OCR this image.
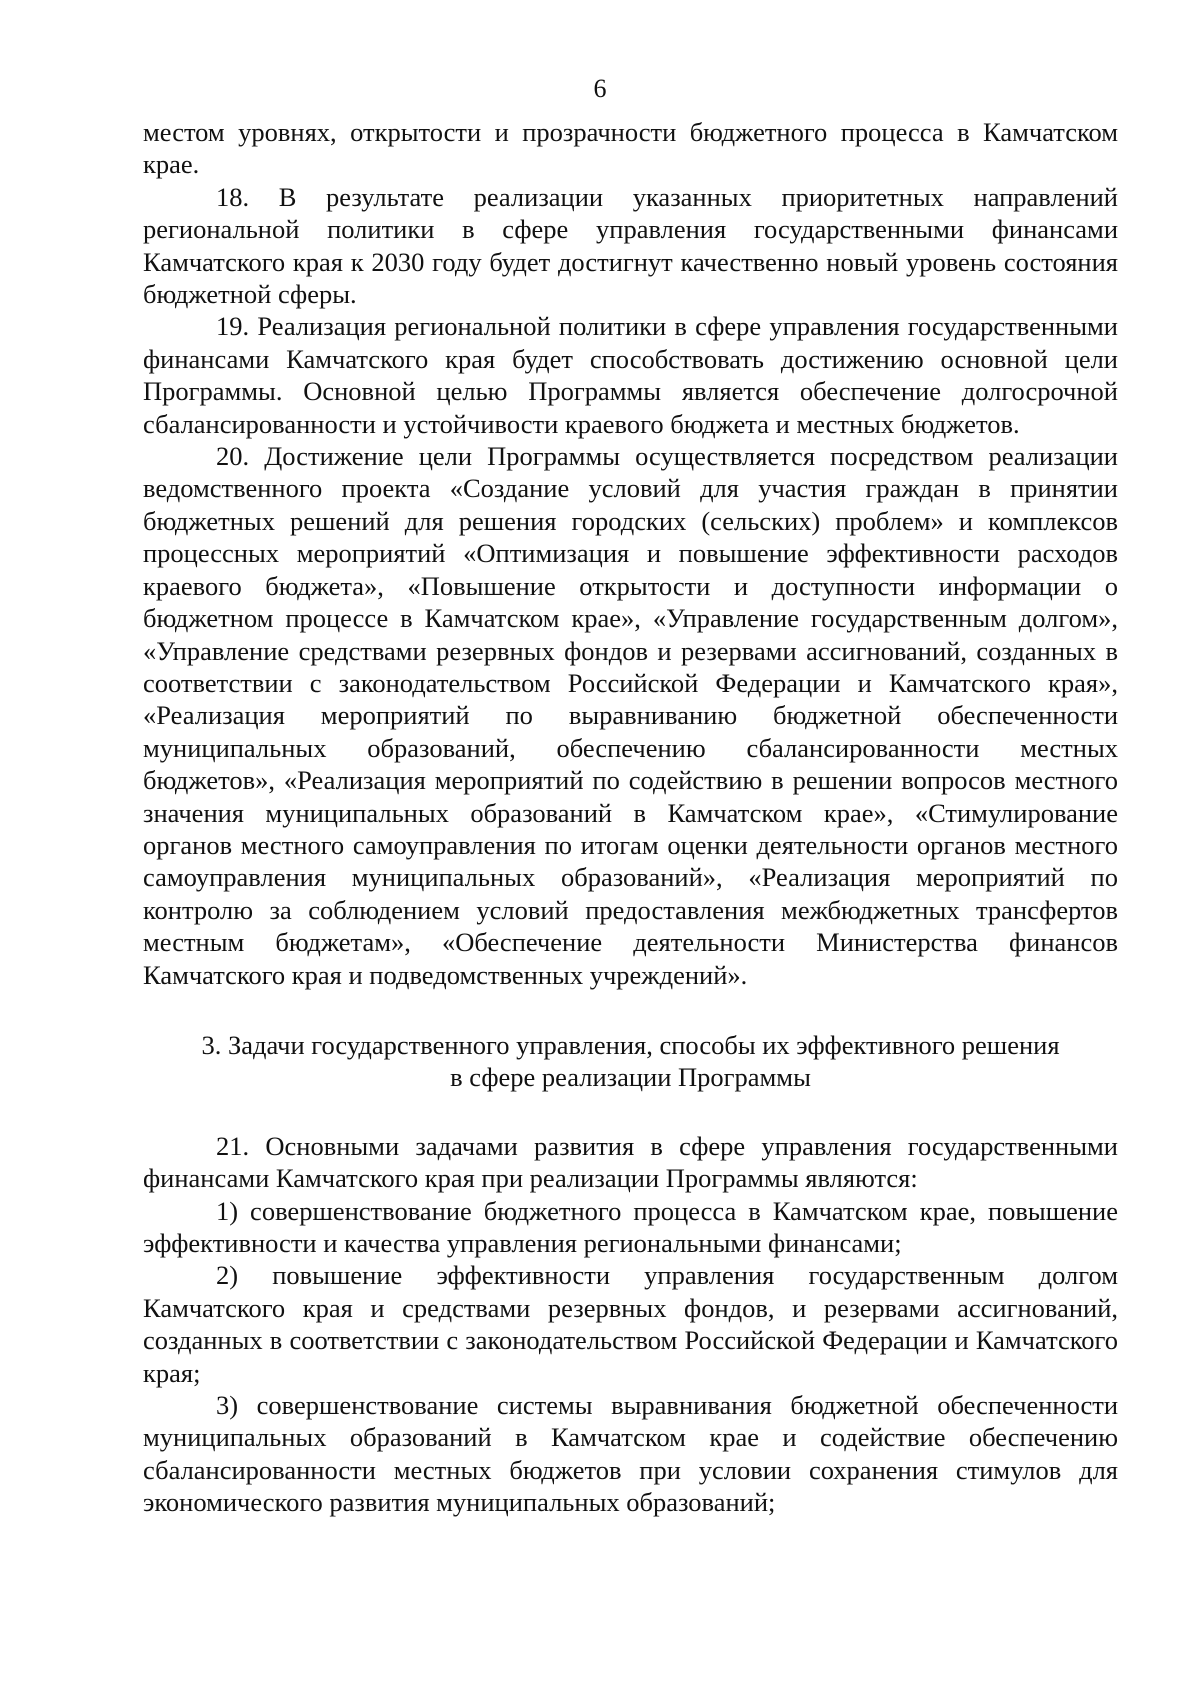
6

местом уровнях, открытости и прозрачности бюджетного процесса в Камчатском крае.

18. В результате реализации указанных приоритетных направлений региональной политики в сфере управления государственными финансами Камчатского края к 2030 году будет достигнут качественно новый уровень состояния бюджетной сферы.

19. Реализация региональной политики в сфере управления государственными финансами Камчатского края будет способствовать достижению основной цели Программы. Основной целью Программы является обеспечение долгосрочной сбалансированности и устойчивости краевого бюджета и местных бюджетов.

20. Достижение цели Программы осуществляется посредством реализации ведомственного проекта «Создание условий для участия граждан в принятии бюджетных решений для решения городских (сельских) проблем» и комплексов процессных мероприятий «Оптимизация и повышение эффективности расходов краевого бюджета», «Повышение открытости и доступности информации о бюджетном процессе в Камчатском крае», «Управление государственным долгом», «Управление средствами резервных фондов и резервами ассигнований, созданных в соответствии с законодательством Российской Федерации и Камчатского края», «Реализация мероприятий по выравниванию бюджетной обеспеченности муниципальных образований, обеспечению сбалансированности местных бюджетов», «Реализация мероприятий по содействию в решении вопросов местного значения муниципальных образований в Камчатском крае», «Стимулирование органов местного самоуправления по итогам оценки деятельности органов местного самоуправления муниципальных образований», «Реализация мероприятий по контролю за соблюдением условий предоставления межбюджетных трансфертов местным бюджетам», «Обеспечение деятельности Министерства финансов Камчатского края и подведомственных учреждений».

3. Задачи государственного управления, способы их эффективного решения
в сфере реализации Программы

21. Основными задачами развития в сфере управления государственными финансами Камчатского края при реализации Программы являются:

1) совершенствование бюджетного процесса в Камчатском крае, повышение эффективности и качества управления региональными финансами;

2) повышение эффективности управления государственным долгом Камчатского края и средствами резервных фондов, и резервами ассигнований, созданных в соответствии с законодательством Российской Федерации и Камчатского края;

3) совершенствование системы выравнивания бюджетной обеспеченности муниципальных образований в Камчатском крае и содействие обеспечению сбалансированности местных бюджетов при условии сохранения стимулов для экономического развития муниципальных образований;
